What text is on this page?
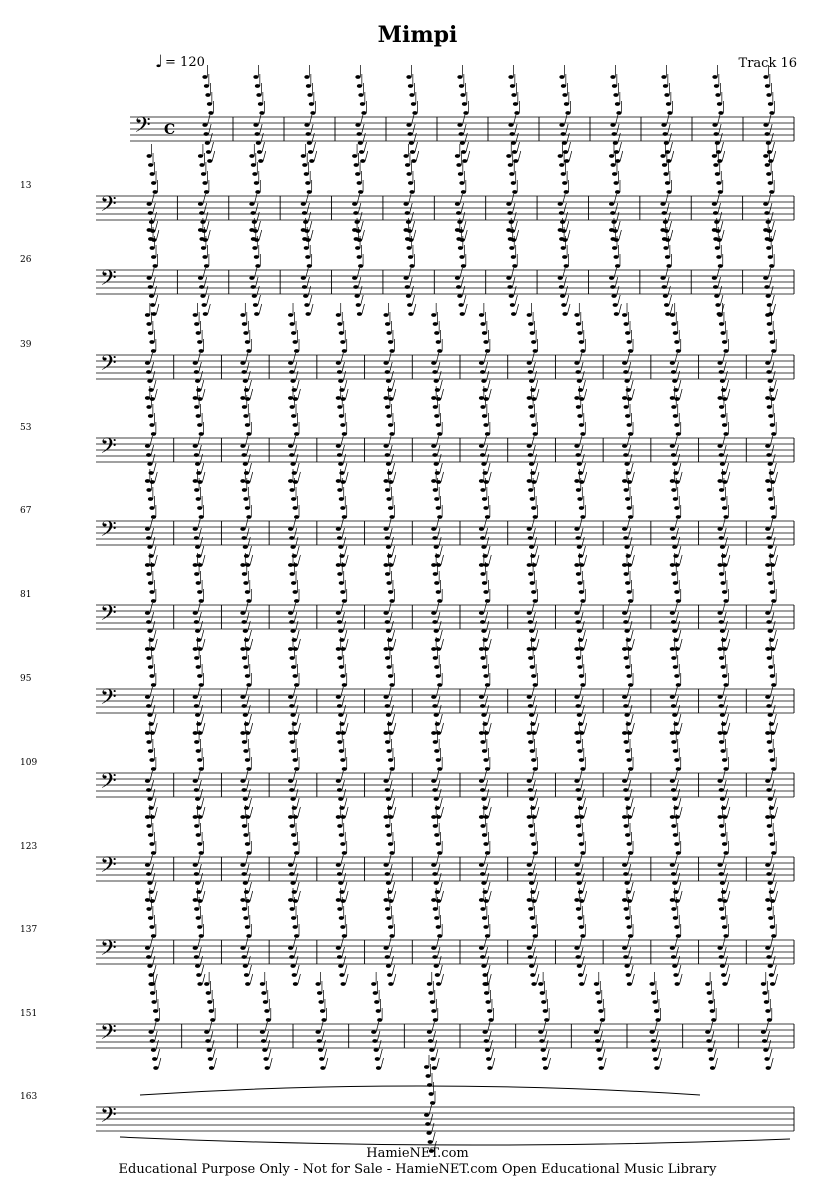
Mimpi
♩ = 120	Track 16
13
26
39
53
67
81
95
109
123
137
151
163
𝄢 C
𝄢
𝄢
𝄢
𝄢
𝄢
𝄢
𝄢
𝄢
𝄢
𝄢
𝄢
𝄢
HamieNET.com
Educational Purpose Only - Not for Sale - HamieNET.com Open Educational Music Library
